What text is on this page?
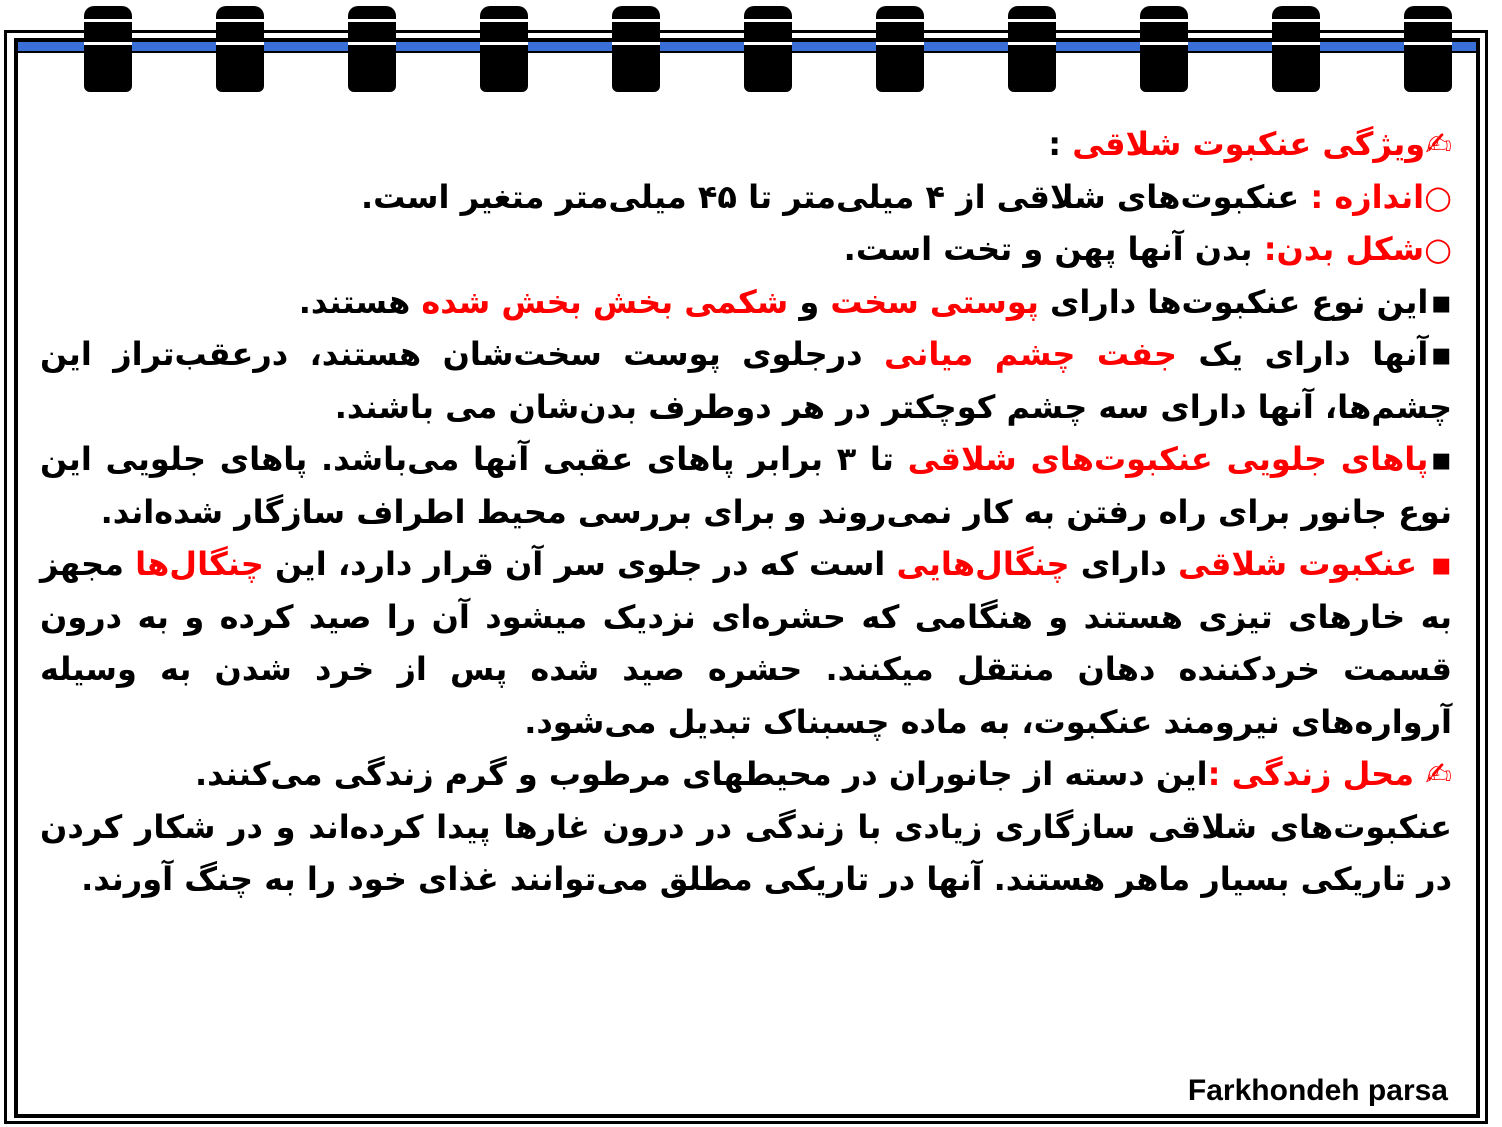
✍ویژگی عنکبوت شلاقی :

○اندازه : عنکبوت‌های شلاقی از ۴ میلی‌متر تا ۴۵ میلی‌متر متغیر است.

○شکل بدن: بدن آنها پهن و تخت است.

▪این نوع عنکبوت‌ها دارای پوستی سخت و شکمی بخش بخش شده هستند.

▪آنها دارای یک جفت چشم میانی درجلوی پوست سخت‌شان هستند، درعقب‌تراز این چشم‌ها، آنها دارای سه چشم کوچکتر در هر دوطرف بدن‌شان می باشند.

▪پاهای جلویی عنکبوت‌های شلاقی تا ۳ برابر پاهای عقبی آنها می‌باشد. پاهای جلویی این نوع جانور برای راه رفتن به کار نمی‌روند و برای بررسی محیط اطراف سازگار شده‌اند.

▪ عنکبوت شلاقی دارای چنگال‌هایی است که در جلوی سر آن قرار دارد، این چنگال‌ها مجهز به خارهای تیزی هستند و هنگامی که حشره‌ای نزدیک میشود آن را صید کرده و به درون قسمت خردکننده دهان منتقل میکنند. حشره صید شده پس از خرد شدن به وسیله آرواره‌های نیرومند عنکبوت، به ماده چسبناک تبدیل می‌شود.

✍ محل زندگی :این دسته از جانوران در محیطهای مرطوب و گرم زندگی می‌کنند.

عنکبوت‌های شلاقی سازگاری زیادی با زندگی در درون غارها پیدا کرده‌اند و در شکار کردن در تاریکی بسیار ماهر هستند. آنها در تاریکی مطلق می‌توانند غذای خود را به چنگ آورند.

Farkhondeh parsa
